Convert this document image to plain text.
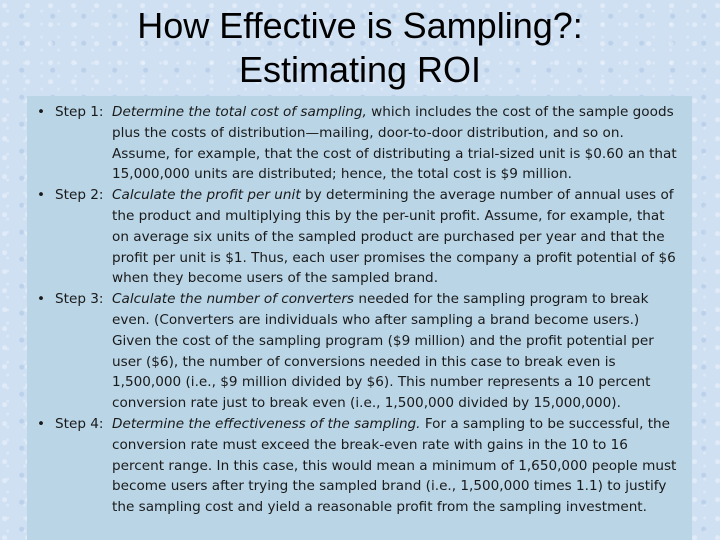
How Effective is Sampling?:
Estimating ROI
• Step 1: Determine the total cost of sampling, which includes the cost of the sample goods plus the costs of distribution—mailing, door-to-door distribution, and so on. Assume, for example, that the cost of distributing a trial-sized unit is $0.60 an that 15,000,000 units are distributed; hence, the total cost is $9 million.
• Step 2: Calculate the profit per unit by determining the average number of annual uses of the product and multiplying this by the per-unit profit. Assume, for example, that on average six units of the sampled product are purchased per year and that the profit per unit is $1. Thus, each user promises the company a profit potential of $6 when they become users of the sampled brand.
• Step 3: Calculate the number of converters needed for the sampling program to break even. (Converters are individuals who after sampling a brand become users.) Given the cost of the sampling program ($9 million) and the profit potential per user ($6), the number of conversions needed in this case to break even is 1,500,000 (i.e., $9 million divided by $6). This number represents a 10 percent conversion rate just to break even (i.e., 1,500,000 divided by 15,000,000).
• Step 4: Determine the effectiveness of the sampling. For a sampling to be successful, the conversion rate must exceed the break-even rate with gains in the 10 to 16 percent range. In this case, this would mean a minimum of 1,650,000 people must become users after trying the sampled brand (i.e., 1,500,000 times 1.1) to justify the sampling cost and yield a reasonable profit from the sampling investment.
